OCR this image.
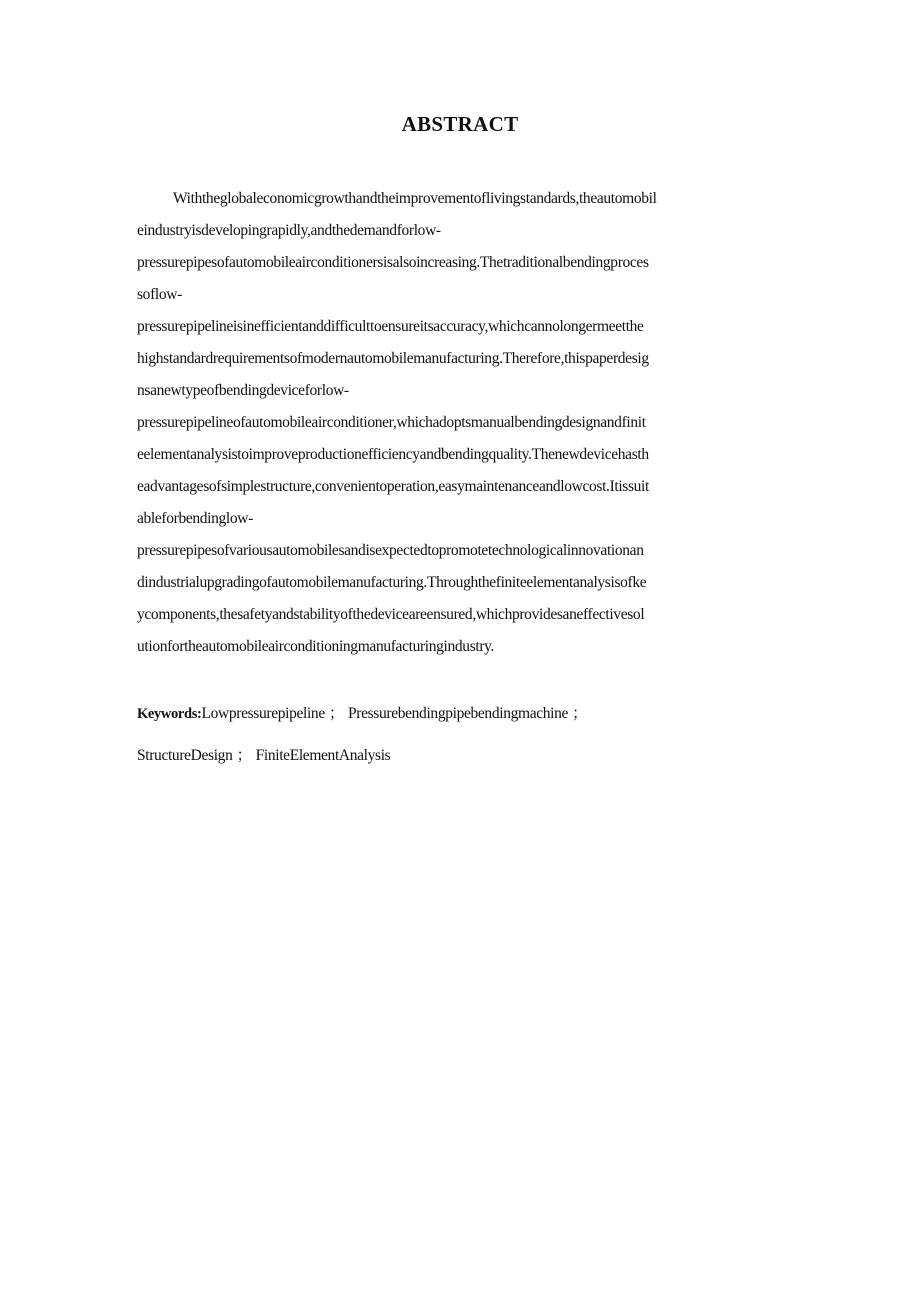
ABSTRACT
Withtheglobaleconomicgrowthandtheimprovementoflivingstandards,theautomobil
eindustryisdevelopingrapidly,andthedemandforlow-
pressurepipesofautomobileairconditionersisalsoincreasing.Thetraditionalbendingproces
soflow-
pressurepipelineisinefficientanddifficulttoensureitsaccuracy,whichcannolongermeetthe
highstandardrequirementsofmodernautomobilemanufacturing.Therefore,thispaperdesig
nsanewtypeofbendingdeviceforlow-
pressurepipelineofautomobileairconditioner,whichadoptsmanualbendingdesignandfinit
eelementanalysistoimproveproductionefficiencyandbendingquality.Thenewdevicehasth
eadvantagesofsimplestructure,convenientoperation,easymaintenanceandlowcost.Itissuit
ableforbendinglow-
pressurepipesofvariousautomobilesandisexpectedtopromotetechnologicalinnovationan
dindustrialupgradingofautomobilemanufacturing.Throughthefiniteelementanalysisofke
ycomponents,thesafetyandstabilityofthedeviceareensured,whichprovidesaneffectivesol
utionfortheautomobileairconditioningmanufacturingindustry.
Keywords:Lowpressurepipeline ； Pressurebendingpipebendingmachine ；
StructureDesign ； FiniteElementAnalysis
